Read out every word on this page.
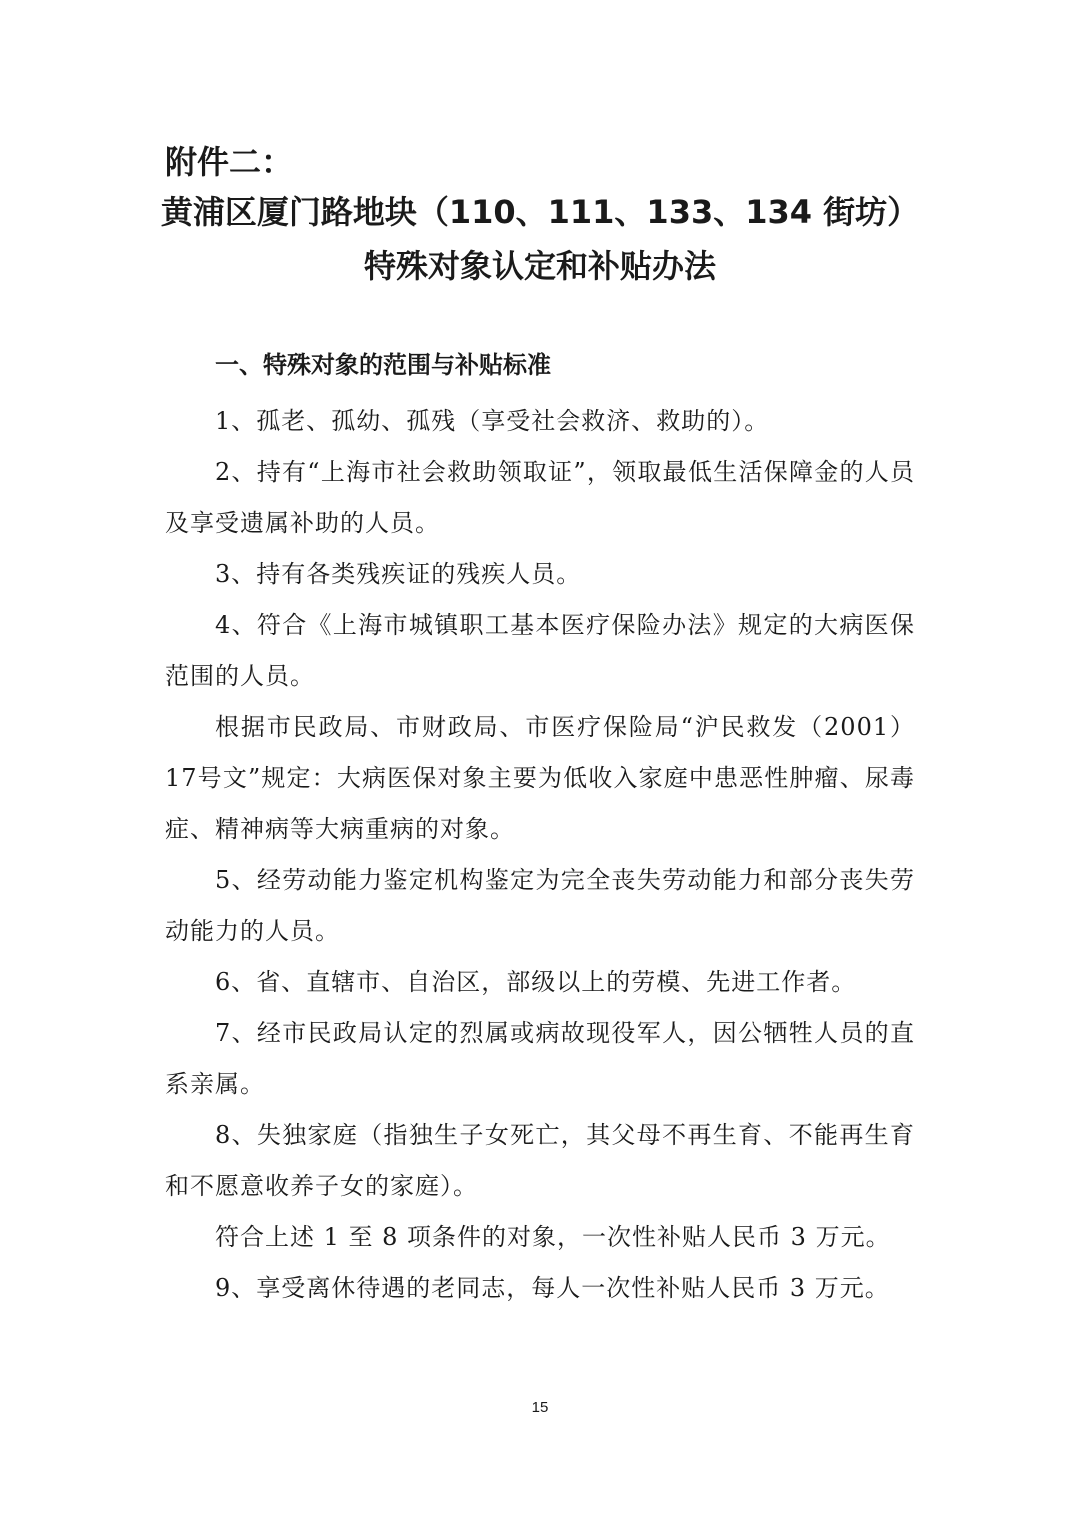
附件二：
黄浦区厦门路地块（110、111、133、134 街坊）
特殊对象认定和补贴办法
一、特殊对象的范围与补贴标准

1、孤老、孤幼、孤残（享受社会救济、救助的）。

2、持有“上海市社会救助领取证”，领取最低生活保障金的人员及享受遗属补助的人员。

3、持有各类残疾证的残疾人员。

4、符合《上海市城镇职工基本医疗保险办法》规定的大病医保范围的人员。

根据市民政局、市财政局、市医疗保险局“沪民救发（2001）17号文”规定：大病医保对象主要为低收入家庭中患恶性肿瘤、尿毒症、精神病等大病重病的对象。

5、经劳动能力鉴定机构鉴定为完全丧失劳动能力和部分丧失劳动能力的人员。

6、省、直辖市、自治区，部级以上的劳模、先进工作者。

7、经市民政局认定的烈属或病故现役军人，因公牺牲人员的直系亲属。

8、失独家庭（指独生子女死亡，其父母不再生育、不能再生育和不愿意收养子女的家庭）。

符合上述 1 至 8 项条件的对象，一次性补贴人民币 3 万元。

9、享受离休待遇的老同志，每人一次性补贴人民币 3 万元。

15
